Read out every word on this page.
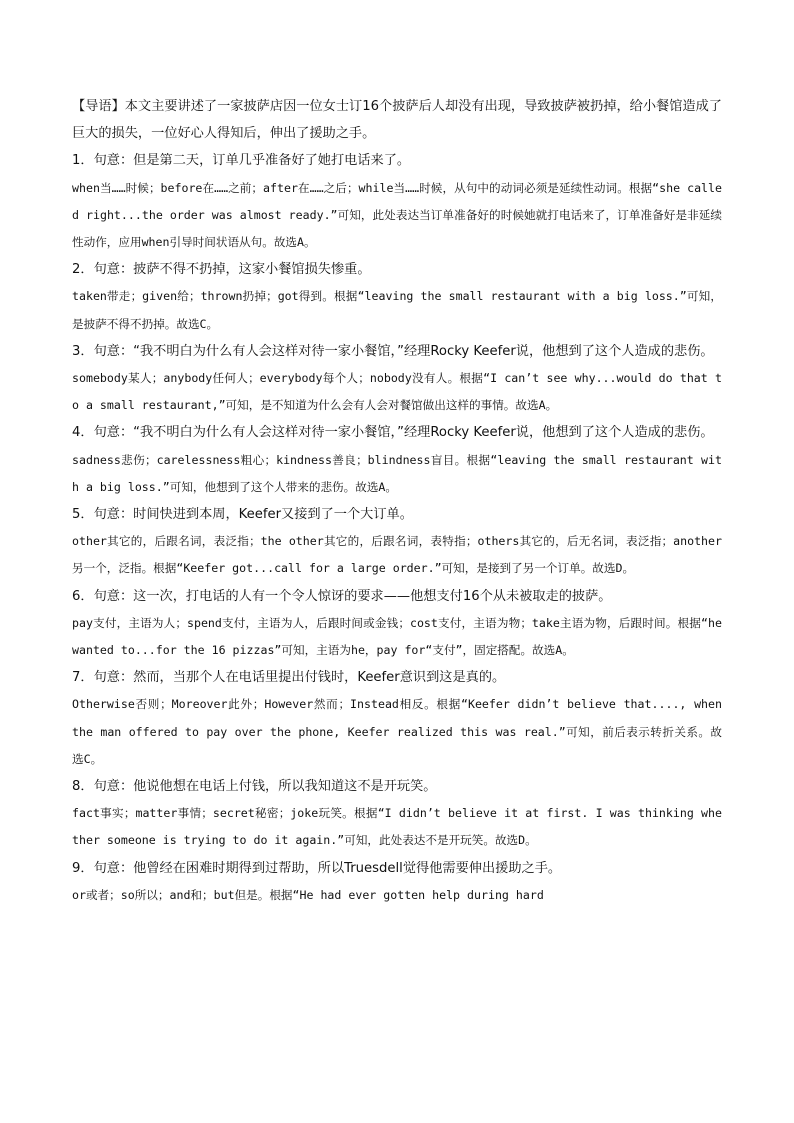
【导语】本文主要讲述了一家披萨店因一位女士订16个披萨后人却没有出现，导致披萨被扔掉，给小餐馆造成了巨大的损失，一位好心人得知后，伸出了援助之手。

1．句意：但是第二天，订单几乎准备好了她打电话来了。

when当……时候；before在……之前；after在……之后；while当……时候，从句中的动词必须是延续性动词。根据“she called right...the order was almost ready.”可知，此处表达当订单准备好的时候她就打电话来了，订单准备好是非延续性动作，应用when引导时间状语从句。故选A。

2．句意：披萨不得不扔掉，这家小餐馆损失惨重。

taken带走；given给；thrown扔掉；got得到。根据“leaving the small restaurant with a big loss.”可知，是披萨不得不扔掉。故选C。

3．句意：“我不明白为什么有人会这样对待一家小餐馆，”经理Rocky Keefer说，他想到了这个人造成的悲伤。

somebody某人；anybody任何人；everybody每个人；nobody没有人。根据“I can’t see why...would do that to a small restaurant,”可知，是不知道为什么会有人会对餐馆做出这样的事情。故选A。

4．句意：“我不明白为什么有人会这样对待一家小餐馆，”经理Rocky Keefer说，他想到了这个人造成的悲伤。

sadness悲伤；carelessness粗心；kindness善良；blindness盲目。根据“leaving the small restaurant with a big loss.”可知，他想到了这个人带来的悲伤。故选A。

5．句意：时间快进到本周，Keefer又接到了一个大订单。

other其它的，后跟名词，表泛指；the other其它的，后跟名词，表特指；others其它的，后无名词，表泛指；another另一个，泛指。根据“Keefer got...call for a large order.”可知，是接到了另一个订单。故选D。

6．句意：这一次，打电话的人有一个令人惊讶的要求——他想支付16个从未被取走的披萨。

pay支付，主语为人；spend支付，主语为人，后跟时间或金钱；cost支付，主语为物；take主语为物，后跟时间。根据“he wanted to...for the 16 pizzas”可知，主语为he，pay for“支付”，固定搭配。故选A。

7．句意：然而，当那个人在电话里提出付钱时，Keefer意识到这是真的。

Otherwise否则；Moreover此外；However然而；Instead相反。根据“Keefer didn’t believe that...., when the man offered to pay over the phone, Keefer realized this was real.”可知，前后表示转折关系。故选C。

8．句意：他说他想在电话上付钱，所以我知道这不是开玩笑。

fact事实；matter事情；secret秘密；joke玩笑。根据“I didn’t believe it at first. I was thinking whether someone is trying to do it again.”可知，此处表达不是开玩笑。故选D。

9．句意：他曾经在困难时期得到过帮助，所以Truesdell觉得他需要伸出援助之手。

or或者；so所以；and和；but但是。根据“He had ever gotten help during hard
